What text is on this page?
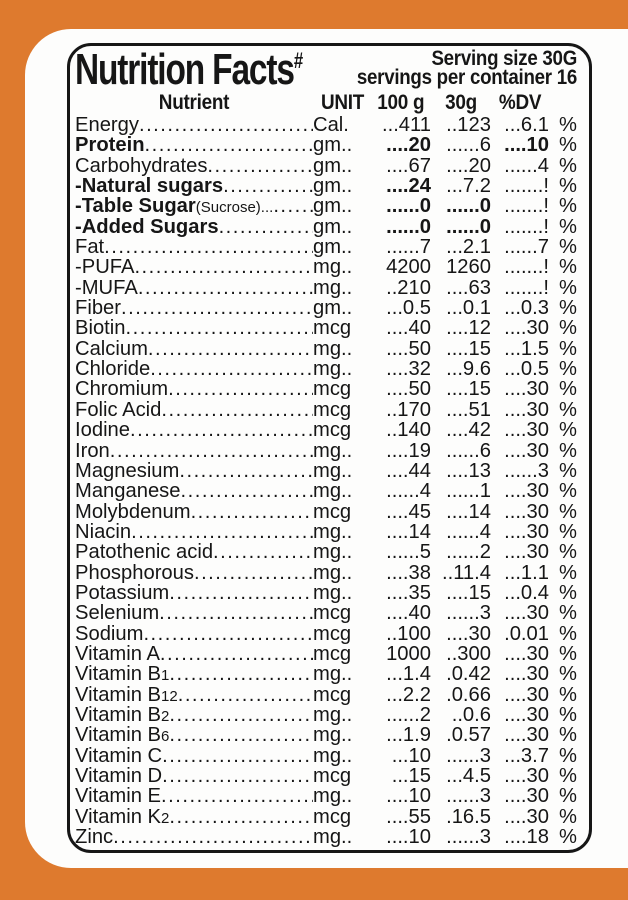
Nutrition Facts#	Serving size 30G
servings per container 16
Nutrient	UNIT 100 g 30g	%DV
Energy .....	Cal.	...411 ..123 ...6.1 %
Protein .....	gm..	....20 ......6 ....10 %
Carbohydrates .....	gm..	....67 ....20 ......4 %
-Natural sugars .....	gm..	....24 ...7.2 .......! %
-Table Sugar(Sucrose)... ..... gm..	......0 ......0 .......! %
-Added Sugars .....	gm..	......0 ......0 .......! %
Fat .....	gm..	......7 ...2.1 ......7 %
-PUFA .....	mg..	4200 1260 .......! %
-MUFA .....	mg..	..210 ....63 .......! %
Fiber .....	gm..	...0.5 ...0.1 ...0.3 %
Biotin .....	mcg	....40 ....12 ....30 %
Calcium .....	mg..	....50 ....15 ...1.5 %
Chloride .....	mg..	....32 ...9.6 ...0.5 %
Chromium .....	mcg	....50 ....15 ....30 %
Folic Acid .....	mcg	..170 ....51 ....30 %
Iodine .....	mcg	..140 ....42 ....30 %
Iron .....	mg..	....19 ......6 ....30 %
Magnesium .....	mg..	....44 ....13 ......3 %
Manganese .....	mg..	......4 ......1 ....30 %
Molybdenum .....	mcg	....45 ....14 ....30 %
Niacin .....	mg..	....14 ......4 ....30 %
Patothenic acid .....	mg..	......5 ......2 ....30 %
Phosphorous .....	mg..	....38 ..11.4 ...1.1 %
Potassium .....	mg..	....35 ....15 ...0.4 %
Selenium .....	mcg	....40 ......3 ....30 %
Sodium .....	mcg	..100 ....30 .0.01 %
Vitamin A .....	mcg	1000 ..300 ....30 %
Vitamin B1 .....	mg..	...1.4 .0.42 ....30 %
Vitamin B12 .....	mcg	...2.2 .0.66 ....30 %
Vitamin B2 .....	mg..	......2	..0.6 ....30 %
Vitamin B6 .....	mg..	...1.9 .0.57 ....30 %
Vitamin C .....	mg..	...10 ......3 ...3.7 %
Vitamin D .....	mcg	...15 ...4.5 ....30 %
Vitamin E .....	mg..	....10 ......3 ....30 %
Vitamin K2 .....	mcg	....55 .16.5 ....30 %
Zinc .....	mg..	....10 ......3 ....18 %
